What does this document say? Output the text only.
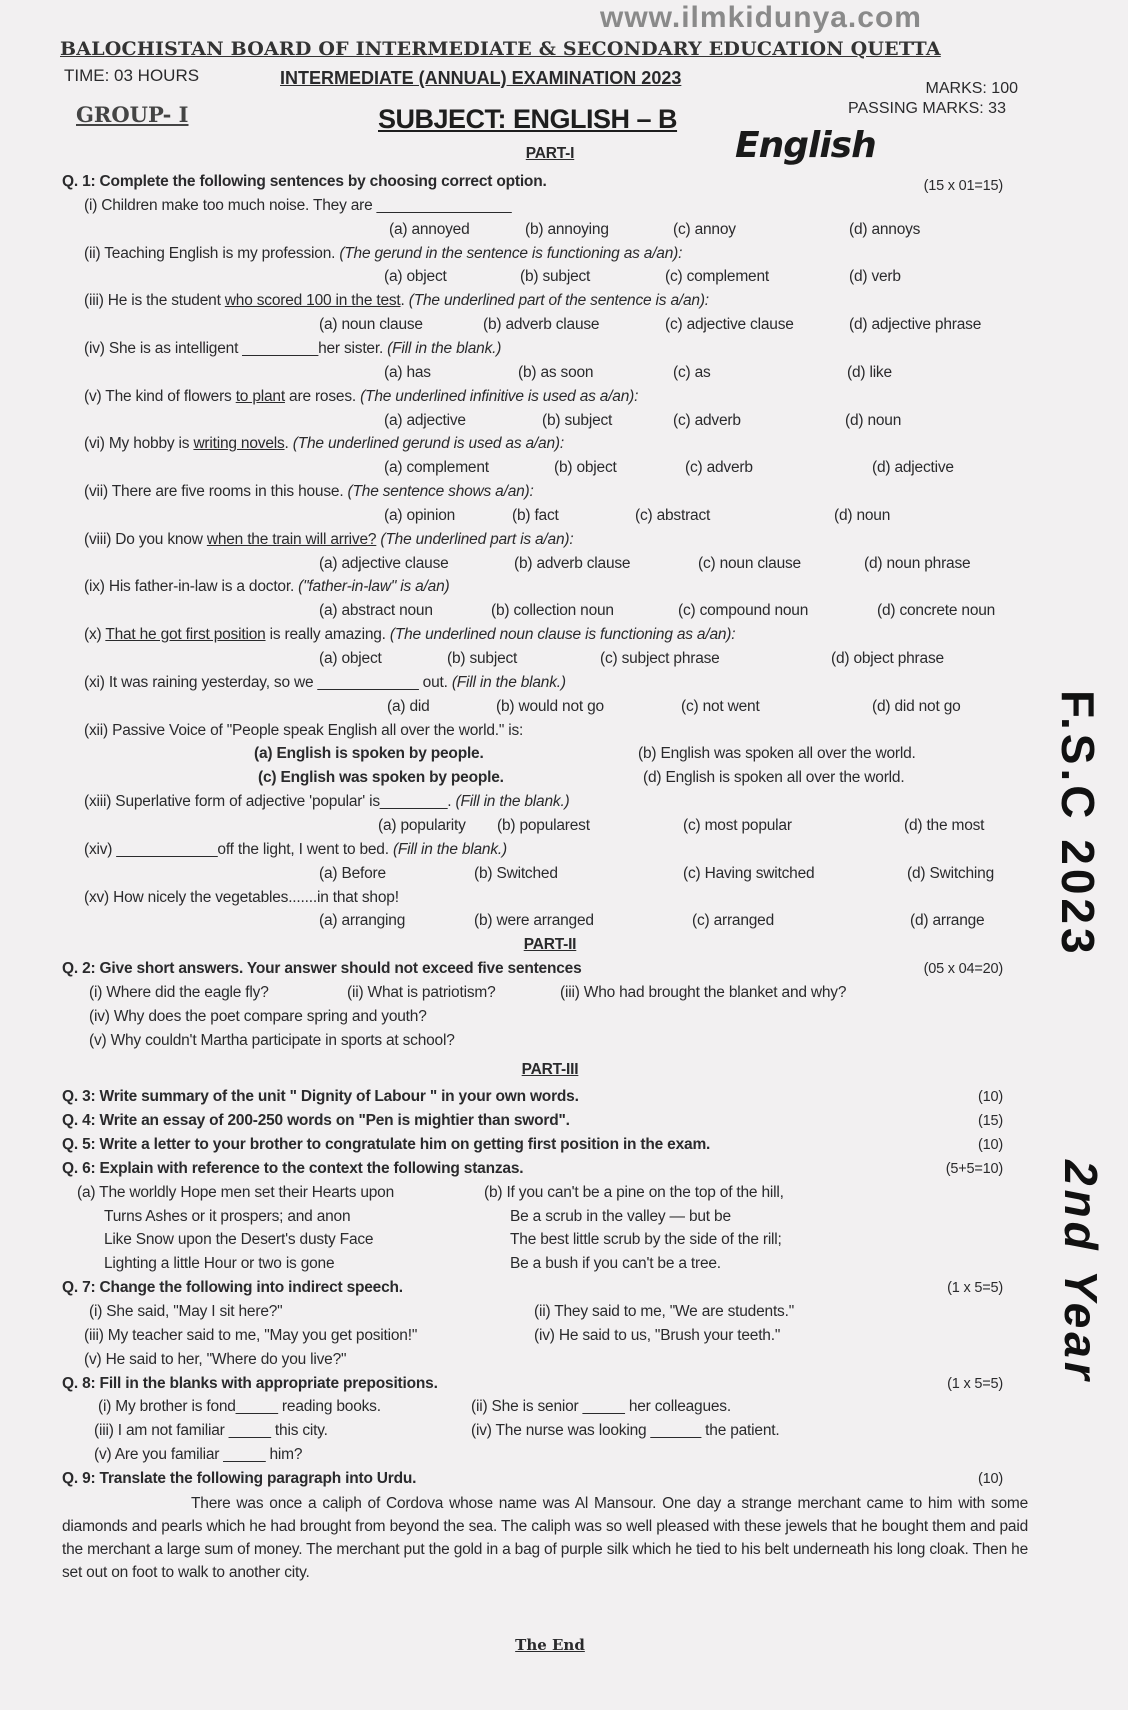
www.ilmkidunya.com
BALOCHISTAN BOARD OF INTERMEDIATE & SECONDARY EDUCATION QUETTA
TIME: 03 HOURS	INTERMEDIATE (ANNUAL) EXAMINATION 2023
MARKS: 100
GROUP- I	SUBJECT: ENGLISH – B	PASSING MARKS: 33
English
F.S.C 2023
2nd Year
PART-I
Q. 1: Complete the following sentences by choosing correct option.	(15 x 01=15)
(i) Children make too much noise. They are ________________
(a) annoyed	(b) annoying	(c) annoy	(d) annoys
(ii) Teaching English is my profession. (The gerund in the sentence is functioning as a/an):
(a) object	(b) subject	(c) complement	(d) verb
(iii) He is the student who scored 100 in the test. (The underlined part of the sentence is a/an):
(a) noun clause	(b) adverb clause	(c) adjective clause	(d) adjective phrase
(iv) She is as intelligent _________her sister. (Fill in the blank.)
(a) has	(b) as soon	(c) as	(d) like
(v) The kind of flowers to plant are roses. (The underlined infinitive is used as a/an):
(a) adjective	(b) subject	(c) adverb	(d) noun
(vi) My hobby is writing novels. (The underlined gerund is used as a/an):
(a) complement	(b) object	(c) adverb	(d) adjective
(vii) There are five rooms in this house. (The sentence shows a/an):
(a) opinion	(b) fact	(c) abstract	(d) noun
(viii) Do you know when the train will arrive? (The underlined part is a/an):
(a) adjective clause	(b) adverb clause	(c) noun clause	(d) noun phrase
(ix) His father-in-law is a doctor. ("father-in-law" is a/an)
(a) abstract noun	(b) collection noun	(c) compound noun	(d) concrete noun
(x) That he got first position is really amazing. (The underlined noun clause is functioning as a/an):
(a) object	(b) subject	(c) subject phrase	(d) object phrase
(xi) It was raining yesterday, so we ____________ out. (Fill in the blank.)
(a) did	(b) would not go	(c) not went	(d) did not go
(xii) Passive Voice of "People speak English all over the world." is:
(a) English is spoken by people.	(b) English was spoken all over the world.
(c) English was spoken by people.	(d) English is spoken all over the world.
(xiii) Superlative form of adjective 'popular' is________. (Fill in the blank.)
(a) popularity (b) popularest	(c) most popular	(d) the most
(xiv) ____________off the light, I went to bed. (Fill in the blank.)
(a) Before	(b) Switched	(c) Having switched	(d) Switching
(xv) How nicely the vegetables.......in that shop!
(a) arranging	(b) were arranged	(c) arranged	(d) arrange
PART-II
Q. 2: Give short answers. Your answer should not exceed five sentences	(05 x 04=20)
(i) Where did the eagle fly?	(ii) What is patriotism?	(iii) Who had brought the blanket and why?
(iv) Why does the poet compare spring and youth?
(v) Why couldn't Martha participate in sports at school?
PART-III
Q. 3: Write summary of the unit " Dignity of Labour " in your own words.	(10)
Q. 4: Write an essay of 200-250 words on "Pen is mightier than sword".	(15)
Q. 5: Write a letter to your brother to congratulate him on getting first position in the exam.	(10)
Q. 6: Explain with reference to the context the following stanzas.	(5+5=10)
(a) The worldly Hope men set their Hearts upon	(b) If you can't be a pine on the top of the hill,
Turns Ashes or it prospers; and anon	Be a scrub in the valley — but be
Like Snow upon the Desert's dusty Face	The best little scrub by the side of the rill;
Lighting a little Hour or two is gone	Be a bush if you can't be a tree.
Q. 7: Change the following into indirect speech.	(1 x 5=5)
(i) She said, "May I sit here?"	(ii) They said to me, "We are students."
(iii) My teacher said to me, "May you get position!"	(iv) He said to us, "Brush your teeth."
(v) He said to her, "Where do you live?"
Q. 8: Fill in the blanks with appropriate prepositions.	(1 x 5=5)
(i) My brother is fond_____ reading books.	(ii) She is senior _____ her colleagues.
(iii) I am not familiar _____ this city.	(iv) The nurse was looking ______ the patient.
(v) Are you familiar _____ him?
Q. 9: Translate the following paragraph into Urdu.	(10)
There was once a caliph of Cordova whose name was Al Mansour. One day a strange merchant came to him with some diamonds and pearls which he had brought from beyond the sea. The caliph was so well pleased with these jewels that he bought them and paid the merchant a large sum of money. The merchant put the gold in a bag of purple silk which he tied to his belt underneath his long cloak. Then he set out on foot to walk to another city.
The End
